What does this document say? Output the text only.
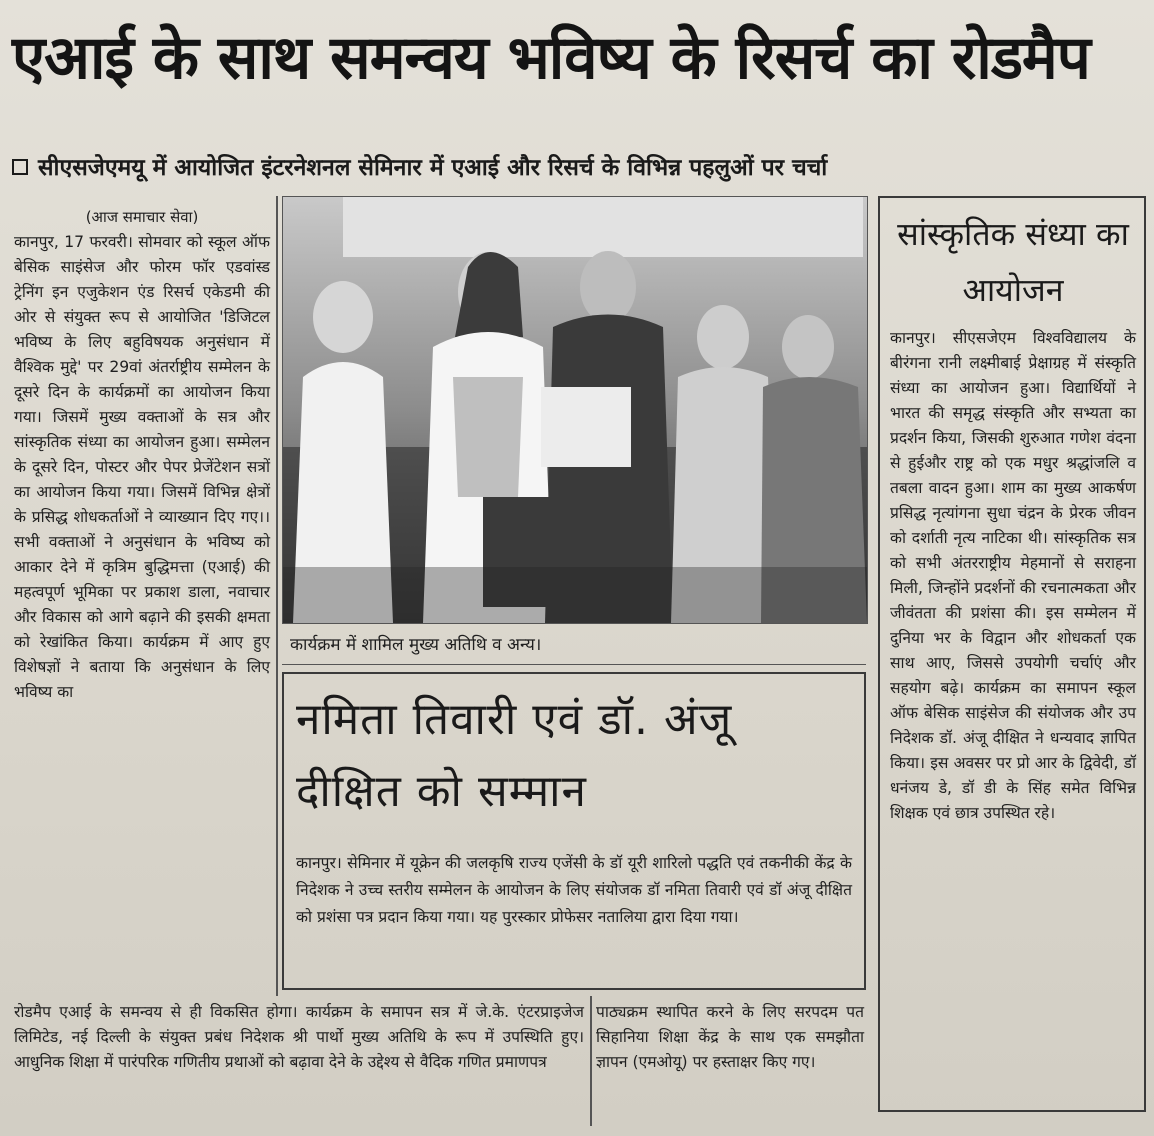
एआई के साथ समन्वय भविष्य के रिसर्च का रोडमैप
सीएसजेएमयू में आयोजित इंटरनेशनल सेमिनार में एआई और रिसर्च के विभिन्न पहलुओं पर चर्चा
(आज समाचार सेवा)
कानपुर, 17 फरवरी। सोमवार को स्कूल ऑफ बेसिक साइंसेज और फोरम फॉर एडवांस्ड ट्रेनिंग इन एजुकेशन एंड रिसर्च एकेडमी की ओर से संयुक्त रूप से आयोजित 'डिजिटल भविष्य के लिए बहुविषयक अनुसंधान में वैश्विक मुद्दे' पर 29वां अंतर्राष्ट्रीय सम्मेलन के दूसरे दिन के कार्यक्रमों का आयोजन किया गया। जिसमें मुख्य वक्ताओं के सत्र और सांस्कृतिक संध्या का आयोजन हुआ। सम्मेलन के दूसरे दिन, पोस्टर और पेपर प्रेजेंटेशन सत्रों का आयोजन किया गया। जिसमें विभिन्न क्षेत्रों के प्रसिद्ध शोधकर्ताओं ने व्याख्यान दिए गए।। सभी वक्ताओं ने अनुसंधान के भविष्य को आकार देने में कृत्रिम बुद्धिमत्ता (एआई) की महत्वपूर्ण भूमिका पर प्रकाश डाला, नवाचार और विकास को आगे बढ़ाने की इसकी क्षमता को रेखांकित किया। कार्यक्रम में आए हुए विशेषज्ञों ने बताया कि अनुसंधान के लिए भविष्य का
कार्यक्रम में शामिल मुख्य अतिथि व अन्य।
नमिता तिवारी एवं डॉ. अंजू दीक्षित को सम्मान
कानपुर। सेमिनार में यूक्रेन की जलकृषि राज्य एजेंसी के डॉ यूरी शारिलो पद्धति एवं तकनीकी केंद्र के निदेशक ने उच्च स्तरीय सम्मेलन के आयोजन के लिए संयोजक डॉ नमिता तिवारी एवं डॉ अंजू दीक्षित को प्रशंसा पत्र प्रदान किया गया। यह पुरस्कार प्रोफेसर नतालिया द्वारा दिया गया।
सांस्कृतिक संध्या का आयोजन
कानपुर। सीएसजेएम विश्वविद्यालय के बीरंगना रानी लक्ष्मीबाई प्रेक्षाग्रह में संस्कृति संध्या का आयोजन हुआ। विद्यार्थियों ने भारत की समृद्ध संस्कृति और सभ्यता का प्रदर्शन किया, जिसकी शुरुआत गणेश वंदना से हुईऔर राष्ट्र को एक मधुर श्रद्धांजलि व तबला वादन हुआ। शाम का मुख्य आकर्षण प्रसिद्ध नृत्यांगना सुधा चंद्रन के प्रेरक जीवन को दर्शाती नृत्य नाटिका थी। सांस्कृतिक सत्र को सभी अंतरराष्ट्रीय मेहमानों से सराहना मिली, जिन्होंने प्रदर्शनों की रचनात्मकता और जीवंतता की प्रशंसा की। इस सम्मेलन में दुनिया भर के विद्वान और शोधकर्ता एक साथ आए, जिससे उपयोगी चर्चाएं और सहयोग बढ़े। कार्यक्रम का समापन स्कूल ऑफ बेसिक साइंसेज की संयोजक और उप निदेशक डॉ. अंजू दीक्षित ने धन्यवाद ज्ञापित किया। इस अवसर पर प्रो आर के द्विवेदी, डॉ धनंजय डे, डॉ डी के सिंह समेत विभिन्न शिक्षक एवं छात्र उपस्थित रहे।
रोडमैप एआई के समन्वय से ही विकसित होगा। कार्यक्रम के समापन सत्र में जे.के. एंटरप्राइजेज लिमिटेड, नई दिल्ली के संयुक्त प्रबंध निदेशक श्री पार्थो मुख्य अतिथि के रूप में उपस्थिति हुए। आधुनिक शिक्षा में पारंपरिक गणितीय प्रथाओं को बढ़ावा देने के उद्देश्य से वैदिक गणित प्रमाणपत्र
पाठ्यक्रम स्थापित करने के लिए सरपदम पत सिहानिया शिक्षा केंद्र के साथ एक समझौता ज्ञापन (एमओयू) पर हस्ताक्षर किए गए।
